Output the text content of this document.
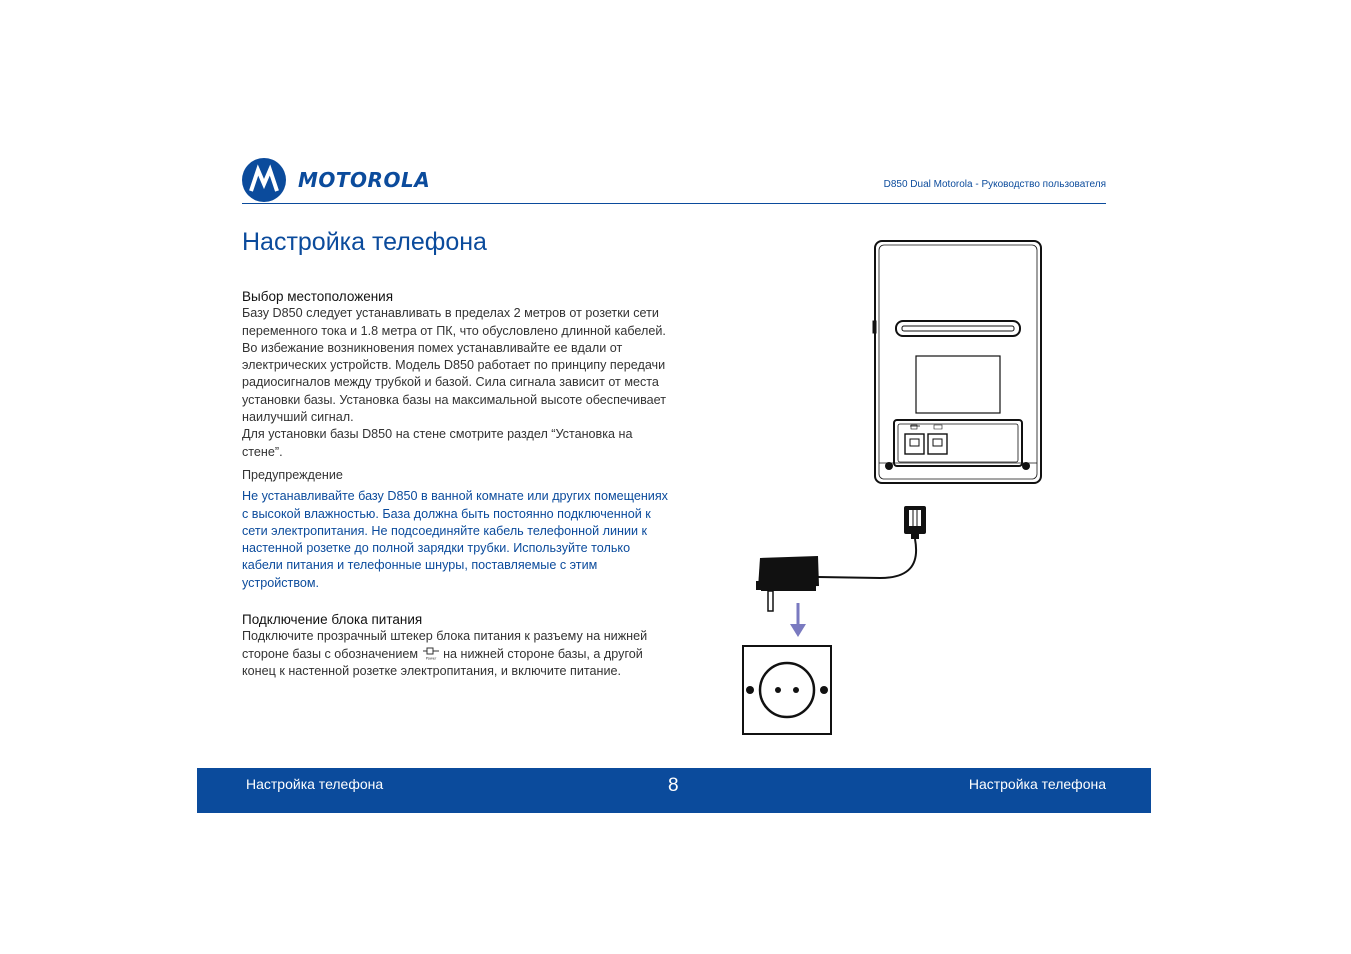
MOTOROLA	D850 Dual Motorola - Руководство пользователя
Настройка телефона
Выбор местоположения

Базу D850 следует устанавливать в пределах 2 метров от розетки сети переменного тока и 1.8 метра от ПК, что обусловлено длинной кабелей. Во избежание возникновения помех устанавливайте ее вдали от электрических устройств. Модель D850 работает по принципу передачи радиосигналов между трубкой и базой. Сила сигнала зависит от места установки базы. Установка базы на максимальной высоте обеспечивает наилучший сигнал.

Для установки базы D850 на стене смотрите раздел “Установка на стене”.

Предупреждение

Не устанавливайте базу D850 в ванной комнате или других помещениях с высокой влажностью. База должна быть постоянно подключенной к сети электропитания. Не подсоединяйте кабель телефонной линии к настенной розетке до полной зарядки трубки. Используйте только кабели питания и телефонные шнуры, поставляемые с этим устройством.

Подключение блока питания

Подключите прозрачный штекер блока питания к разъему на нижней стороне базы с обозначением Power на нижней стороне базы, а другой конец к настенной розетке электропитания, и включите питание.

Настройка телефона	8	Настройка телефона
